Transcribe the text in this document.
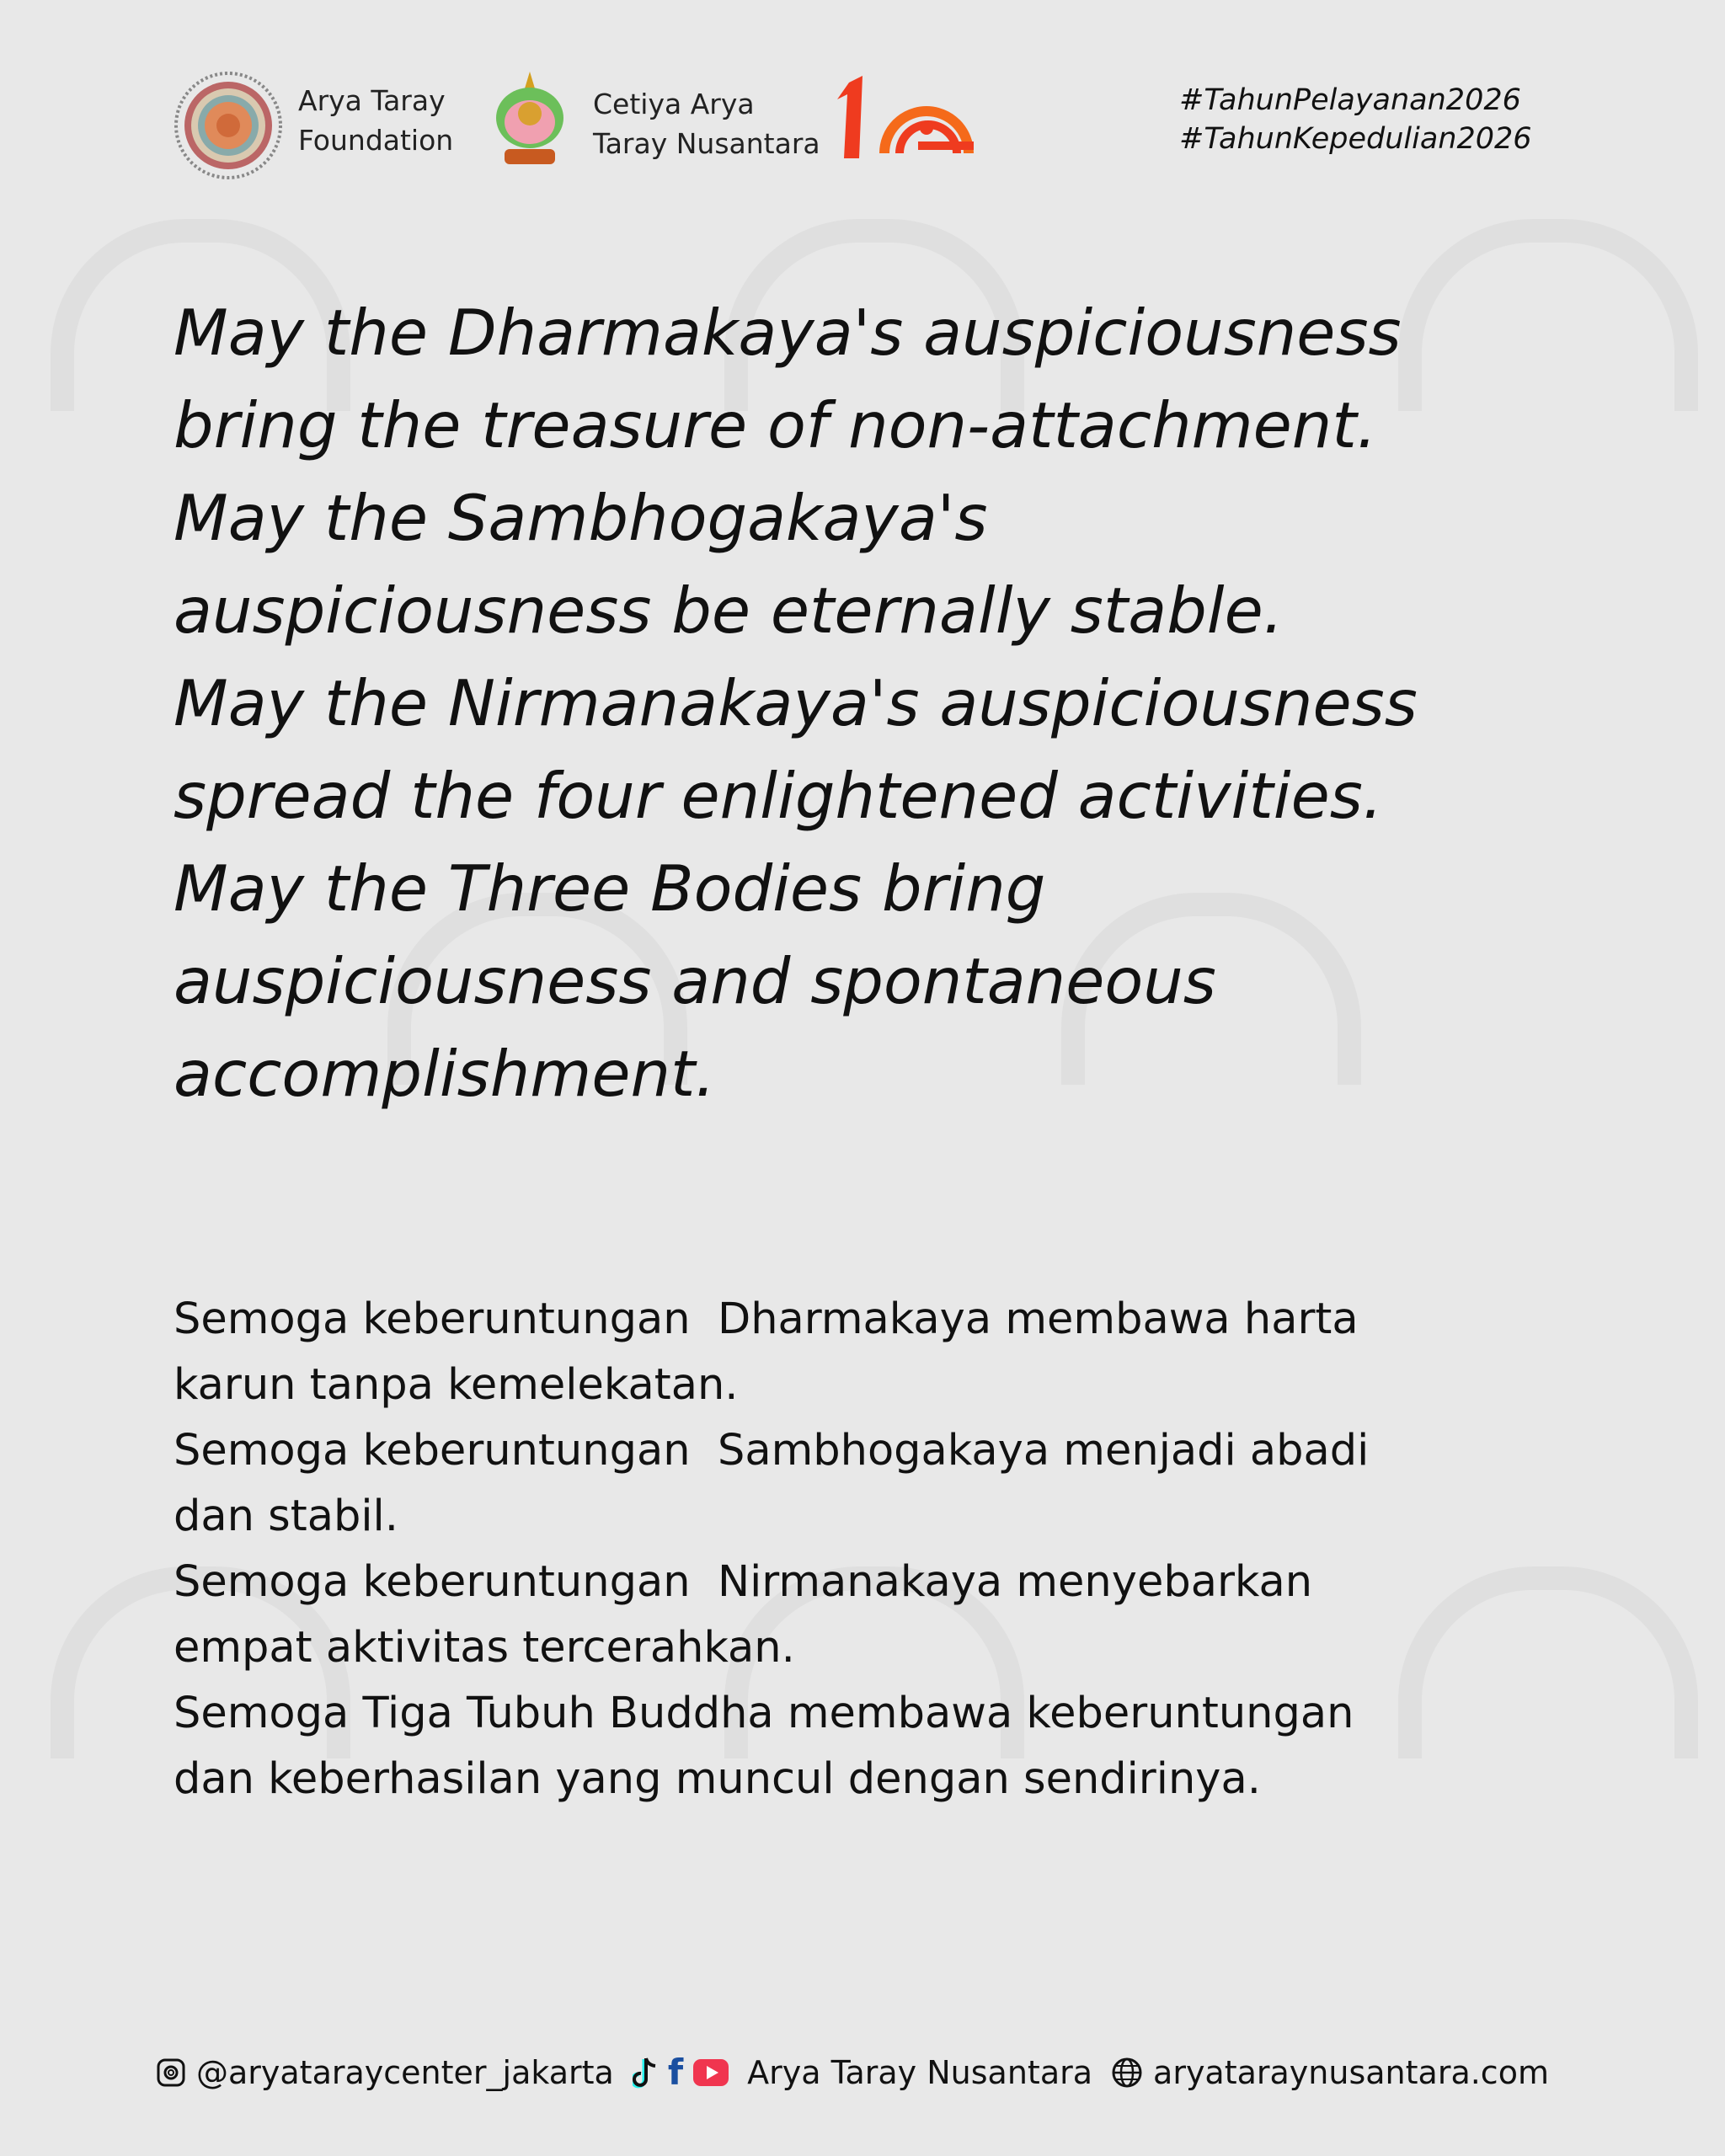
Arya Taray
Foundation
Cetiya Arya
Taray Nusantara
#TahunPelayanan2026
#TahunKepedulian2026
May the Dharmakaya's auspiciousness
bring the treasure of non-attachment.
May the Sambhogakaya's
auspiciousness be eternally stable.
May the Nirmanakaya's auspiciousness
spread the four enlightened activities.
May the Three Bodies bring
auspiciousness and spontaneous
accomplishment.
Semoga keberuntungan  Dharmakaya membawa harta
karun tanpa kemelekatan.
Semoga keberuntungan  Sambhogakaya menjadi abadi
dan stabil.
Semoga keberuntungan  Nirmanakaya menyebarkan
empat aktivitas tercerahkan.
Semoga Tiga Tubuh Buddha membawa keberuntungan
dan keberhasilan yang muncul dengan sendirinya.
@aryataraycenter_jakarta f Arya Taray Nusantara aryataraynusantara.com
